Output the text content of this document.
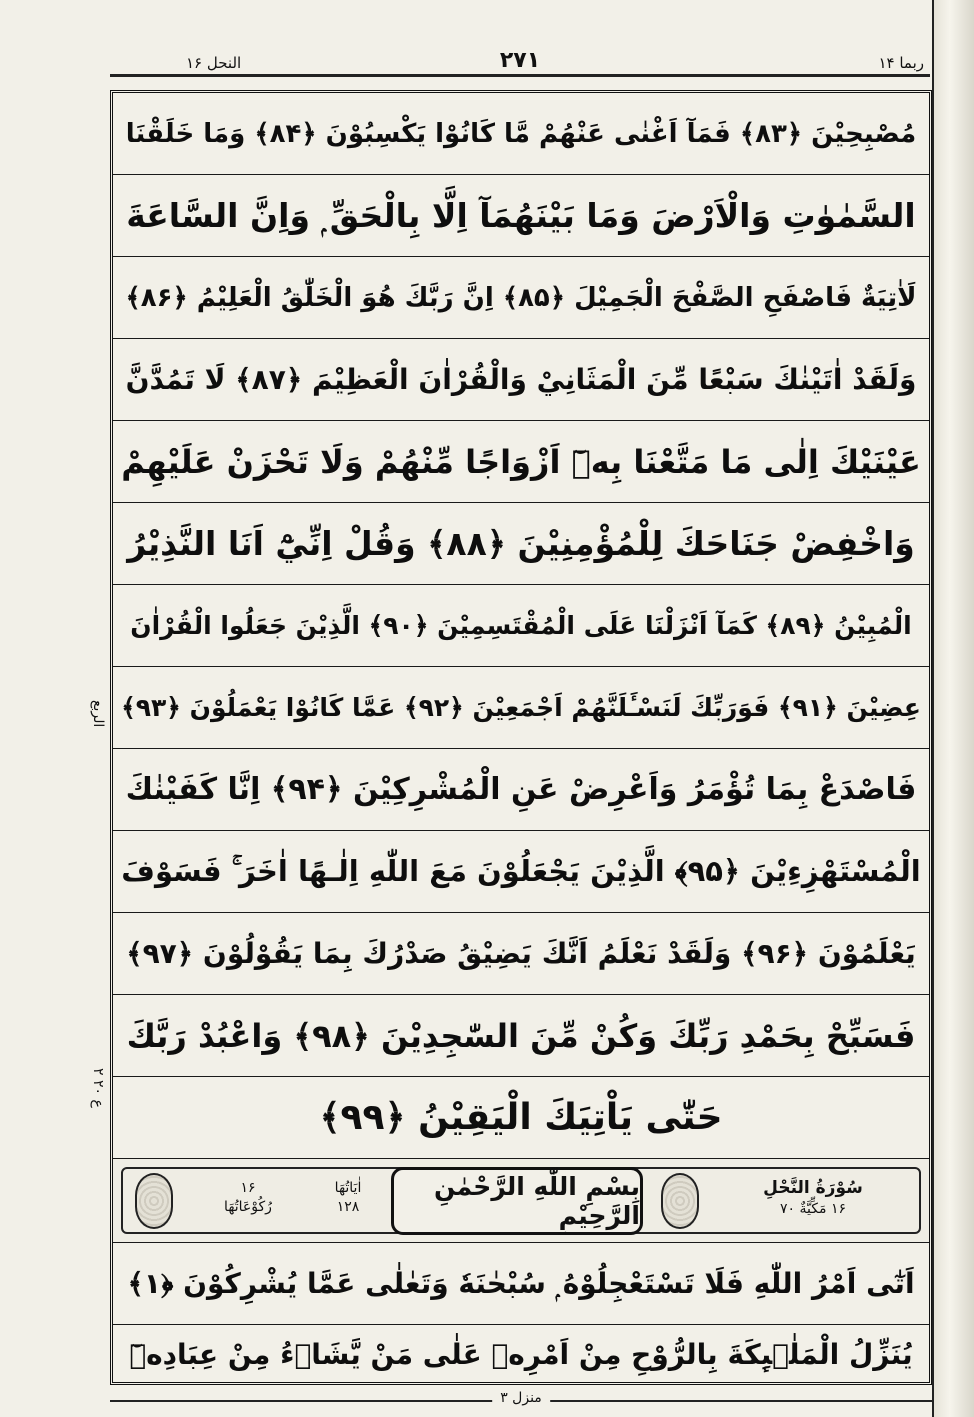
النحل ۱۶	۲۷۱	ربما ۱۴
الربع
ع ۲۰ ۲
مُصْبِحِيْنَ ﴿۸۳﴾ فَمَآ اَغْنٰى عَنْهُمْ مَّا كَانُوْا يَكْسِبُوْنَ ﴿۸۴﴾ وَمَا خَلَقْنَا
السَّمٰوٰتِ وَالْاَرْضَ وَمَا بَيْنَهُمَآ اِلَّا بِالْحَقِّ ۭ وَاِنَّ السَّاعَةَ
لَاٰتِيَةٌ فَاصْفَحِ الصَّفْحَ الْجَمِيْلَ ﴿۸۵﴾ اِنَّ رَبَّكَ هُوَ الْخَلّٰقُ الْعَلِيْمُ ﴿۸۶﴾
وَلَقَدْ اٰتَيْنٰكَ سَبْعًا مِّنَ الْمَثَانِيْ وَالْقُرْاٰنَ الْعَظِيْمَ ﴿۸۷﴾ لَا تَمُدَّنَّ
عَيْنَيْكَ اِلٰى مَا مَتَّعْنَا بِهٖٓ اَزْوَاجًا مِّنْهُمْ وَلَا تَحْزَنْ عَلَيْهِمْ
وَاخْفِضْ جَنَاحَكَ لِلْمُؤْمِنِيْنَ ﴿۸۸﴾ وَقُلْ اِنِّيْٓ اَنَا النَّذِيْرُ
الْمُبِيْنُ ﴿۸۹﴾ كَمَآ اَنْزَلْنَا عَلَى الْمُقْتَسِمِيْنَ ﴿۹۰﴾ الَّذِيْنَ جَعَلُوا الْقُرْاٰنَ
عِضِيْنَ ﴿۹۱﴾ فَوَرَبِّكَ لَنَسْـَٔلَنَّهُمْ اَجْمَعِيْنَ ﴿۹۲﴾ عَمَّا كَانُوْا يَعْمَلُوْنَ ﴿۹۳﴾
فَاصْدَعْ بِمَا تُؤْمَرُ وَاَعْرِضْ عَنِ الْمُشْرِكِيْنَ ﴿۹۴﴾ اِنَّا كَفَيْنٰكَ
الْمُسْتَهْزِءِيْنَ ﴿۹۵﴾ الَّذِيْنَ يَجْعَلُوْنَ مَعَ اللّٰهِ اِلٰـهًا اٰخَرَ ۚ فَسَوْفَ
يَعْلَمُوْنَ ﴿۹۶﴾ وَلَقَدْ نَعْلَمُ اَنَّكَ يَضِيْقُ صَدْرُكَ بِمَا يَقُوْلُوْنَ ﴿۹۷﴾
فَسَبِّحْ بِحَمْدِ رَبِّكَ وَكُنْ مِّنَ السّٰجِدِيْنَ ﴿۹۸﴾ وَاعْبُدْ رَبَّكَ
حَتّٰى يَاْتِيَكَ الْيَقِيْنُ ﴿۹۹﴾
۱۶
رُكُوْعَاتُهَا
اٰيَاتُهَا
۱۲۸
بِسْمِ اللّٰهِ الرَّحْمٰنِ الرَّحِيْمِ
سُوْرَةُ النَّحْلِ
۱۶ مَكِّيَّةٌ ۷۰
اَتٰٓى اَمْرُ اللّٰهِ فَلَا تَسْتَعْجِلُوْهُ ۭ سُبْحٰنَهٗ وَتَعٰلٰى عَمَّا يُشْرِكُوْنَ ﴿۱﴾
يُنَزِّلُ الْمَلٰۗىِٕكَةَ بِالرُّوْحِ مِنْ اَمْرِهٖ عَلٰى مَنْ يَّشَاۗءُ مِنْ عِبَادِهٖٓ
منزل ۳
